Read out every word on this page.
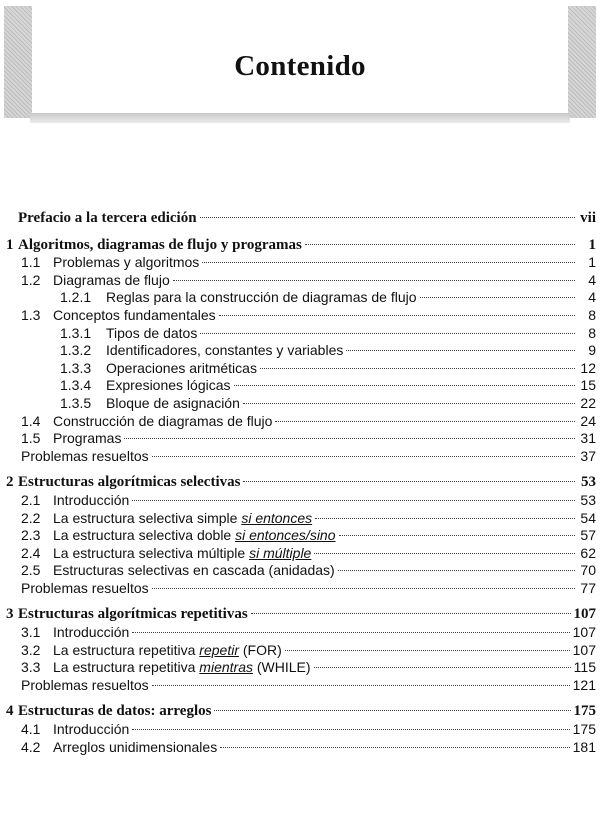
Contenido
Prefacio a la tercera edición	vii
1 Algoritmos, diagramas de flujo y programas	1
1.1 Problemas y algoritmos	1
1.2 Diagramas de flujo	4
1.2.1	Reglas para la construcción de diagramas de flujo	4
1.3 Conceptos fundamentales	8
1.3.1	Tipos de datos	8
1.3.2	Identificadores, constantes y variables	9
1.3.3	Operaciones aritméticas	12
1.3.4	Expresiones lógicas	15
1.3.5	Bloque de asignación	22
1.4 Construcción de diagramas de flujo	24
1.5 Programas	31
Problemas resueltos	37
2 Estructuras algorítmicas selectivas	53
2.1 Introducción	53
2.2 La estructura selectiva simple si entonces	54
2.3 La estructura selectiva doble si entonces/sino	57
2.4 La estructura selectiva múltiple si múltiple	62
2.5 Estructuras selectivas en cascada (anidadas)	70
Problemas resueltos	77
3 Estructuras algorítmicas repetitivas	107
3.1 Introducción	107
3.2 La estructura repetitiva repetir (FOR)	107
3.3 La estructura repetitiva mientras (WHILE)	115
Problemas resueltos	121
4 Estructuras de datos: arreglos	175
4.1 Introducción	175
4.2 Arreglos unidimensionales	181
